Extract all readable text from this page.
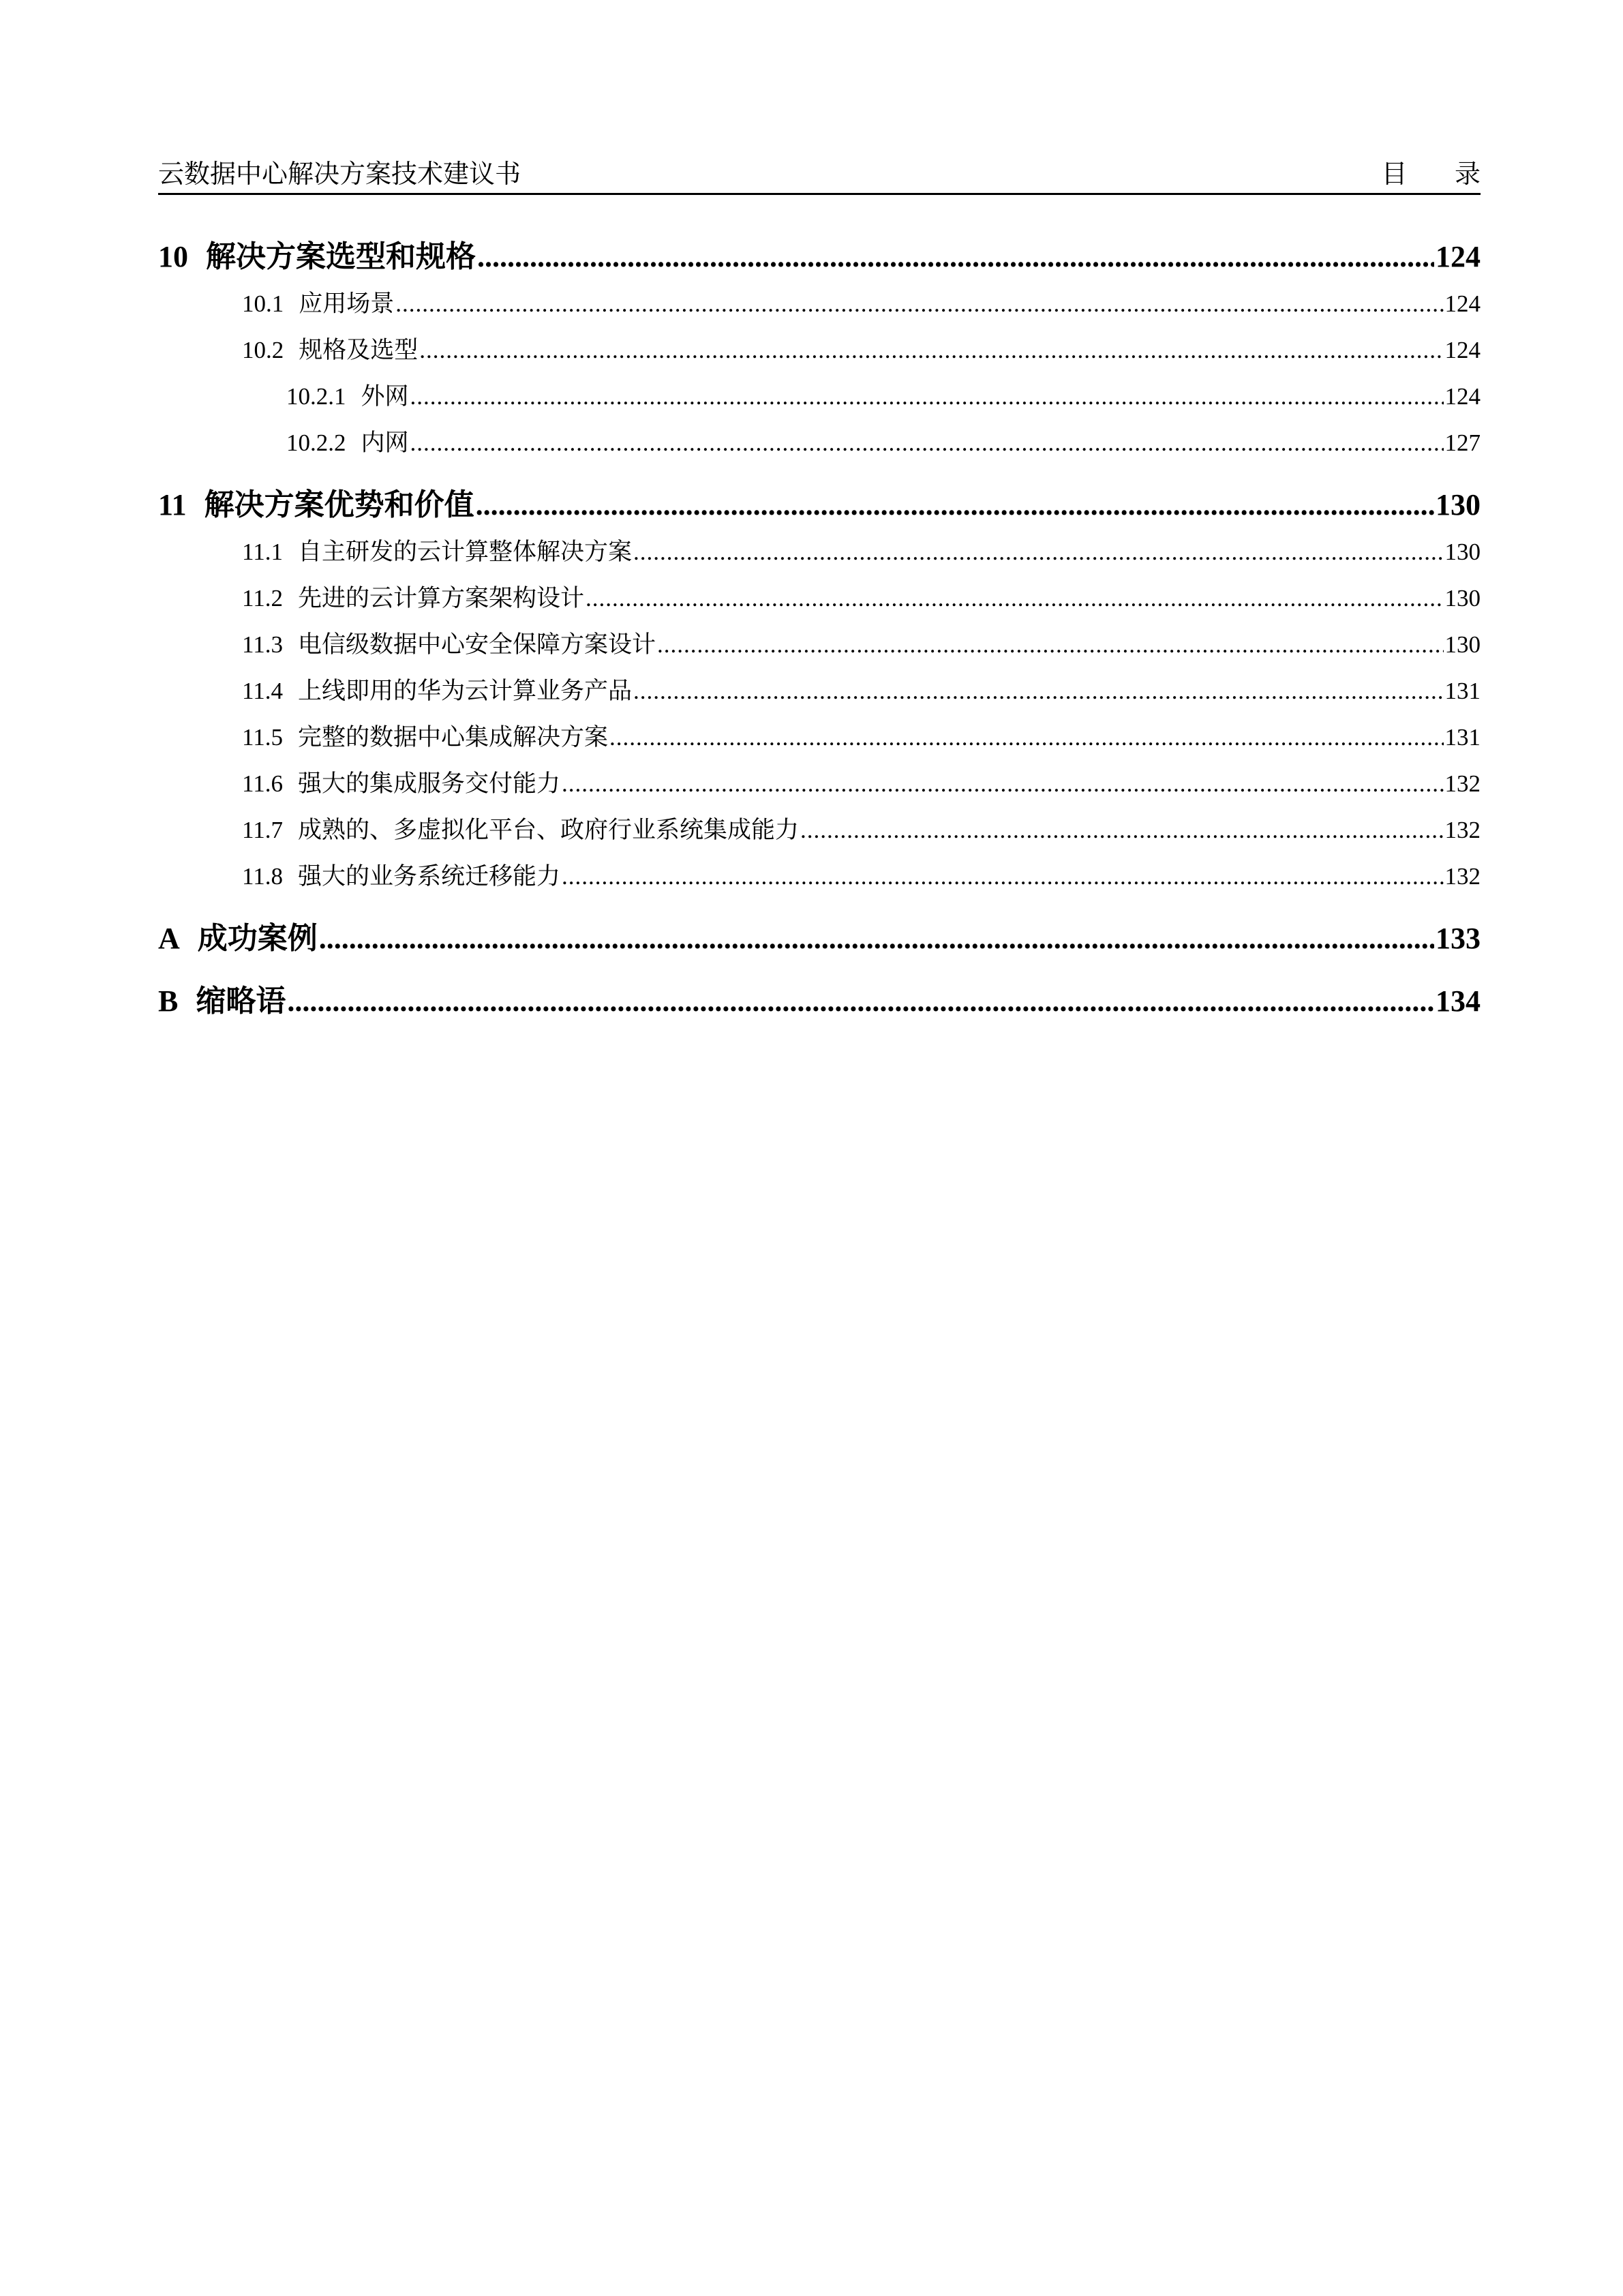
云数据中心解决方案技术建议书	目 录
10 解决方案选型和规格 .....	124
10.1 应用场景 .....	124
10.2 规格及选型 .....	124
10.2.1 外网 .....	124
10.2.2 内网 .....	127
11 解决方案优势和价值 .....	130
11.1 自主研发的云计算整体解决方案 .....	130
11.2 先进的云计算方案架构设计 .....	130
11.3 电信级数据中心安全保障方案设计 .....	130
11.4 上线即用的华为云计算业务产品 .....	131
11.5 完整的数据中心集成解决方案 .....	131
11.6 强大的集成服务交付能力 .....	132
11.7 成熟的、多虚拟化平台、政府行业系统集成能力 .....	132
11.8 强大的业务系统迁移能力 .....	132
A 成功案例 .....	133
B 缩略语 .....	134
